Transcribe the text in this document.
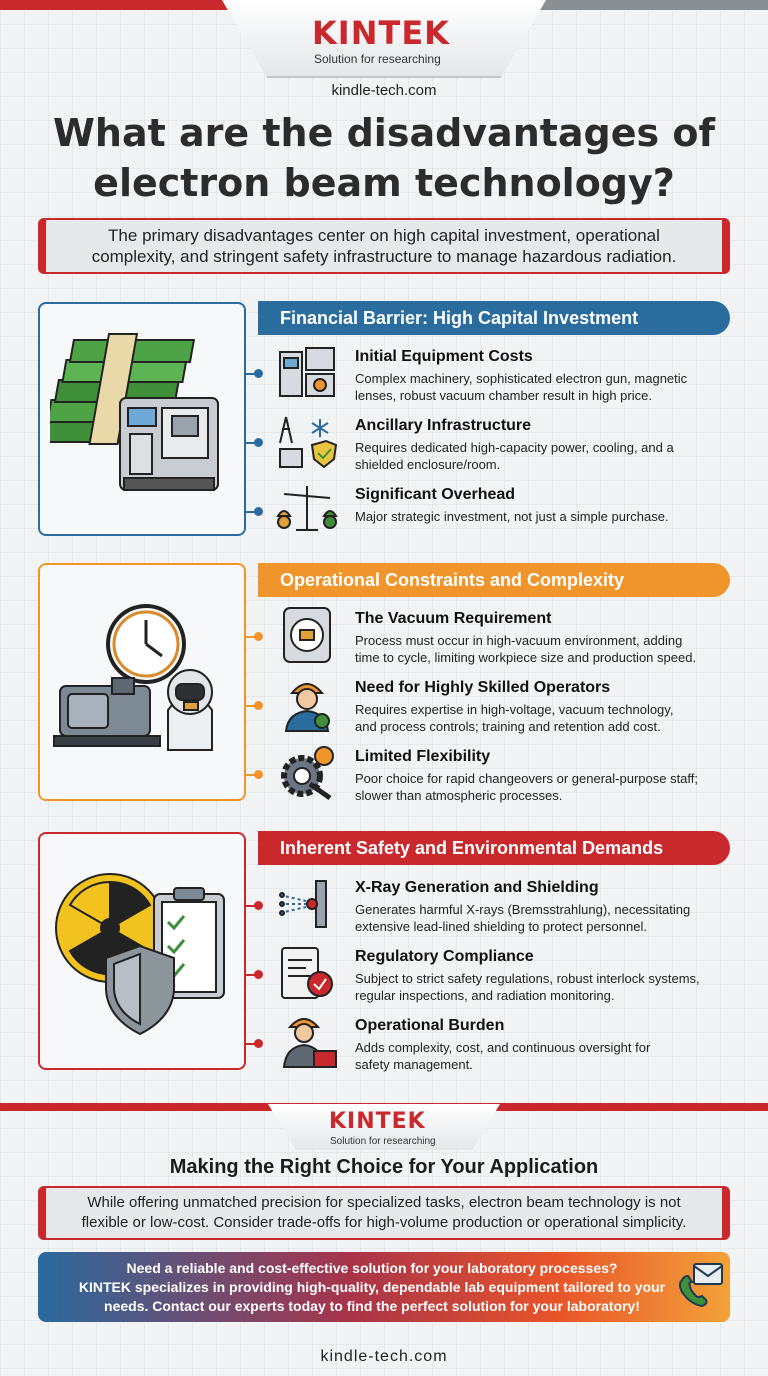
KINTEK
Solution for researching
kindle-tech.com
What are the disadvantages of
electron beam technology?
The primary disadvantages center on high capital investment, operational
complexity, and stringent safety infrastructure to manage hazardous radiation.
Financial Barrier: High Capital Investment
Initial Equipment Costs
Complex machinery, sophisticated electron gun, magnetic
lenses, robust vacuum chamber result in high price.
Ancillary Infrastructure
Requires dedicated high-capacity power, cooling, and a
shielded enclosure/room.
Significant Overhead
Major strategic investment, not just a simple purchase.
Operational Constraints and Complexity
The Vacuum Requirement
Process must occur in high-vacuum environment, adding
time to cycle, limiting workpiece size and production speed.
Need for Highly Skilled Operators
Requires expertise in high-voltage, vacuum technology,
and process controls; training and retention add cost.
Limited Flexibility
Poor choice for rapid changeovers or general-purpose staff;
slower than atmospheric processes.
Inherent Safety and Environmental Demands
X-Ray Generation and Shielding
Generates harmful X-rays (Bremsstrahlung), necessitating
extensive lead-lined shielding to protect personnel.
Regulatory Compliance
Subject to strict safety regulations, robust interlock systems,
regular inspections, and radiation monitoring.
Operational Burden
Adds complexity, cost, and continuous oversight for
safety management.
KINTEK
Solution for researching
Making the Right Choice for Your Application
While offering unmatched precision for specialized tasks, electron beam technology is not
flexible or low-cost. Consider trade-offs for high-volume production or operational simplicity.
Need a reliable and cost-effective solution for your laboratory processes?
KINTEK specializes in providing high-quality, dependable lab equipment tailored to your
needs. Contact our experts today to find the perfect solution for your laboratory!
kindle-tech.com
